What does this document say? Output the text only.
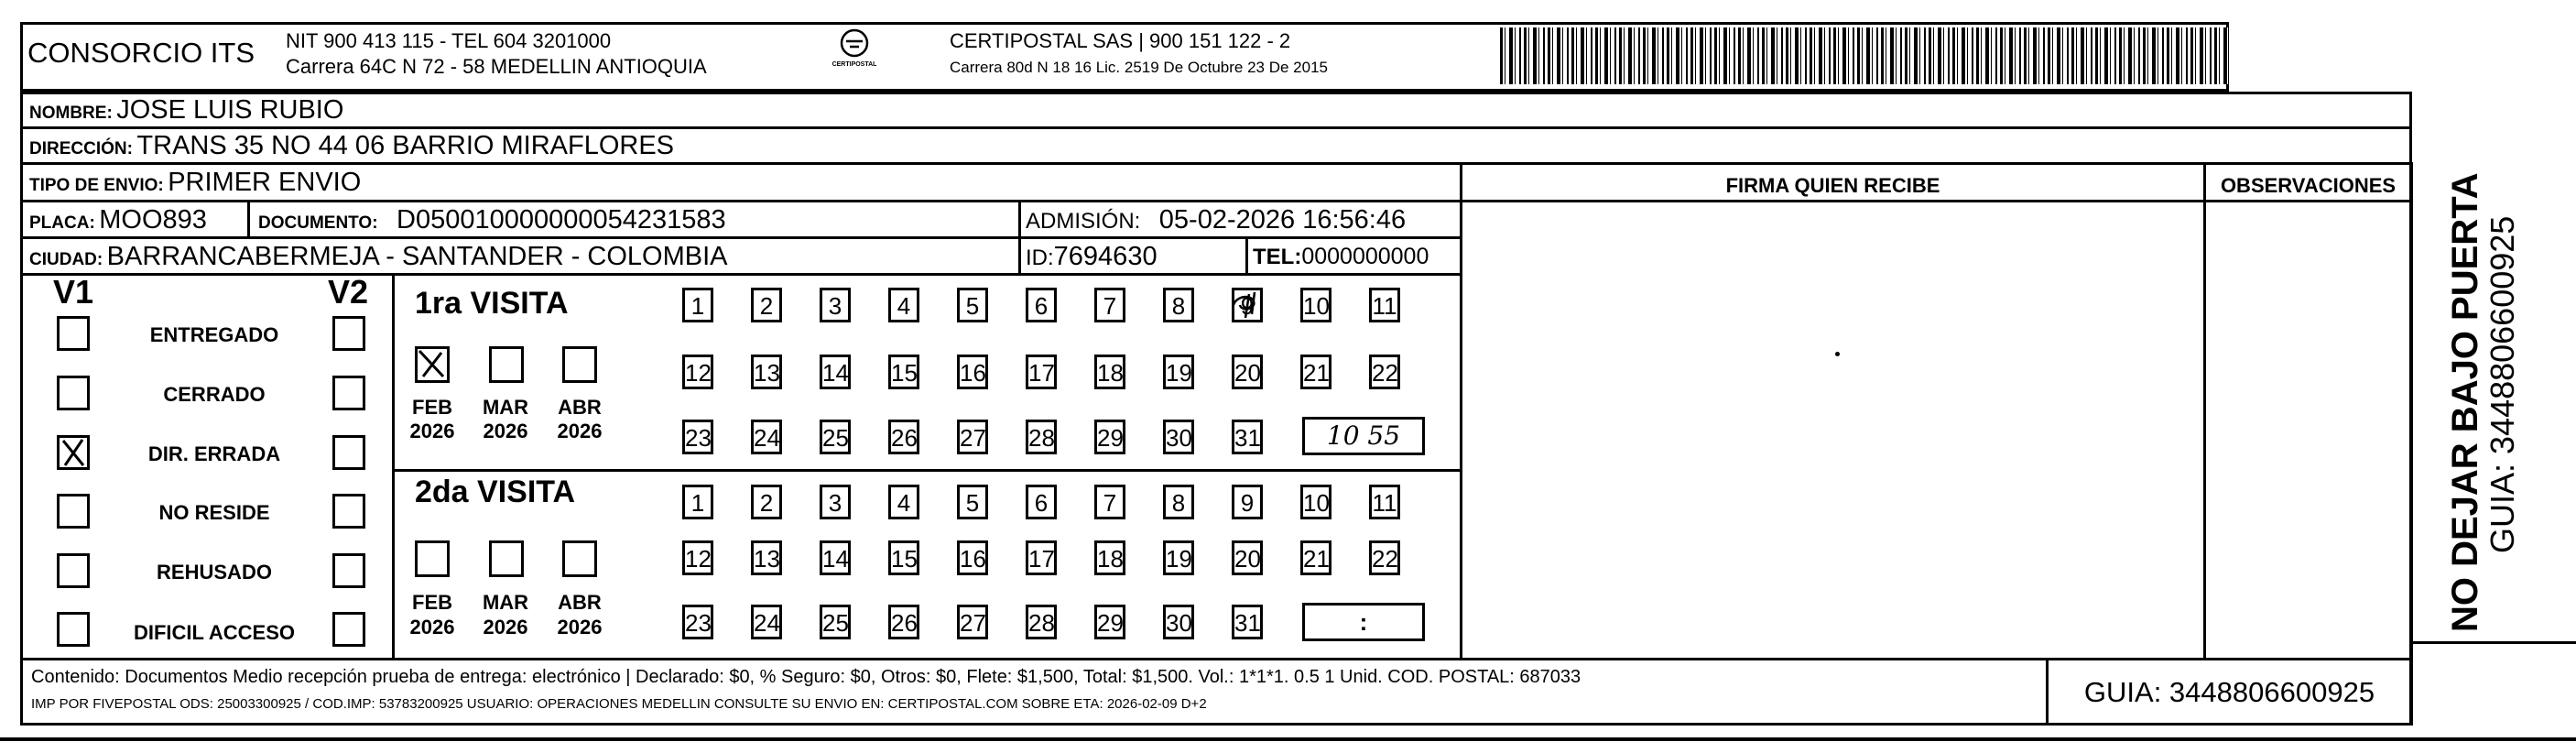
CONSORCIO ITS NIT 900 413 115 - TEL 604 3201000
Carrera 64C N 72 - 58 MEDELLIN ANTIOQUIA	CERTIPOSTAL
CERTIPOSTAL SAS | 900 151 122 - 2
Carrera 80d N 18 16 Lic. 2519 De Octubre 23 De 2015
NOMBRE: JOSE LUIS RUBIO
DIRECCIÓN: TRANS 35 NO 44 06 BARRIO MIRAFLORES
TIPO DE ENVIO: PRIMER ENVIO	FIRMA QUIEN RECIBE	OBSERVACIONES
PLACA: MOO893	DOCUMENTO: D050010000000054231583	ADMISIÓN: 05-02-2026 16:56:46
CIUDAD: BARRANCABERMEJA - SANTANDER - COLOMBIA	ID:7694630	TEL:0000000000
V1	V2
ENTREGADO
CERRADO
DIR. ERRADA
NO RESIDE
REHUSADO
DIFICIL ACCESO
1ra VISITA
FEB
2026
MAR
2026
ABR
2026
1	2	3	4	5	6	7	8	9	10 11
12 13 14 15 16 17 18 19 20 21 22
23 24 25 26 27 28 29 30 31	10 55
2da VISITA
FEB
2026
MAR
2026
ABR
2026
1	2	3	4	5	6	7	8	9	10 11
12 13 14 15 16 17 18 19 20 21 22
23 24 25 26 27 28 29 30 31	:
Contenido: Documentos Medio recepción prueba de entrega: electrónico | Declarado: $0, % Seguro: $0, Otros: $0, Flete: $1,500, Total: $1,500. Vol.: 1*1*1. 0.5 1 Unid. COD. POSTAL: 687033
IMP POR FIVEPOSTAL ODS: 25003300925 / COD.IMP: 53783200925 USUARIO: OPERACIONES MEDELLIN CONSULTE SU ENVIO EN: CERTIPOSTAL.COM SOBRE ETA: 2026-02-09 D+2	GUIA: 3448806600925
NO DEJAR BAJO PUERTA
GUIA: 3448806600925
